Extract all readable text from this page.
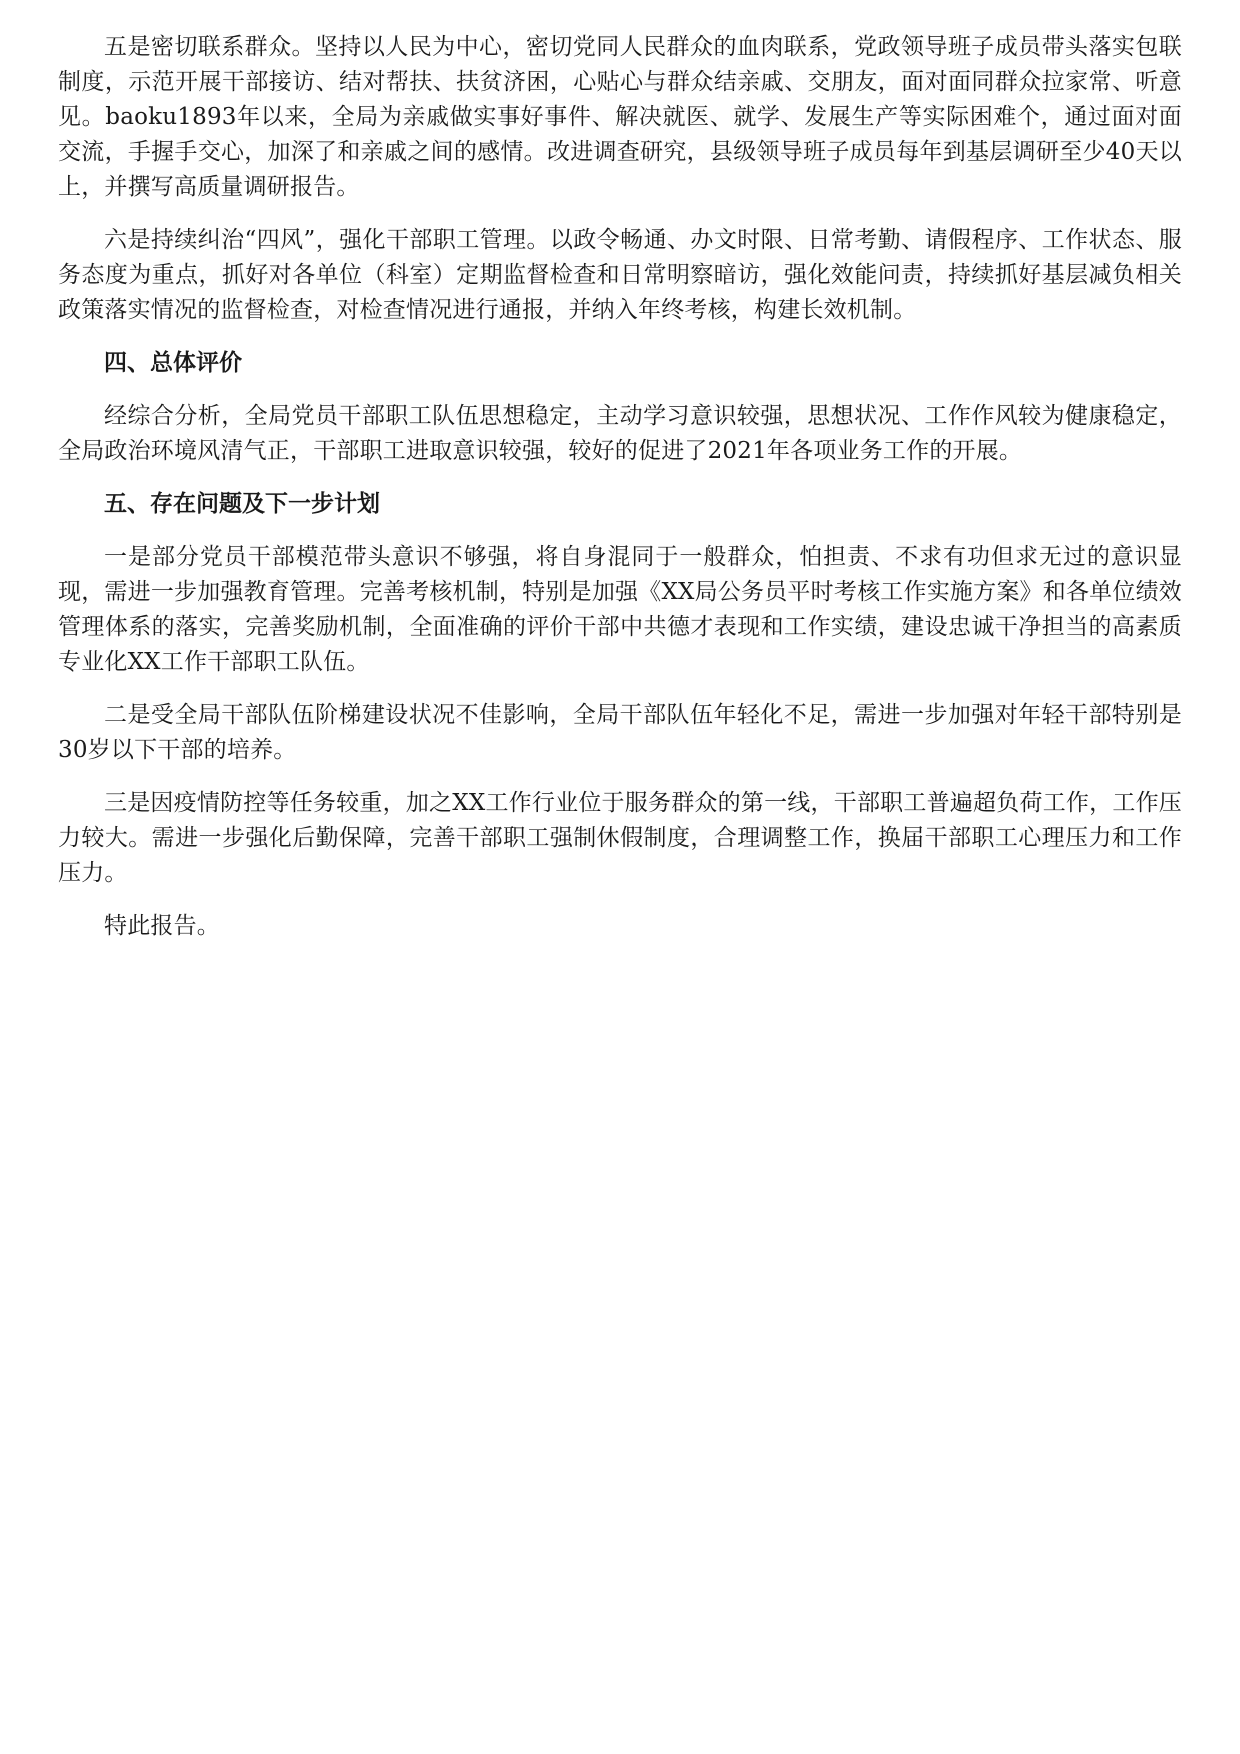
五是密切联系群众。坚持以人民为中心，密切党同人民群众的血肉联系，党政领导班子成员带头落实包联制度，示范开展干部接访、结对帮扶、扶贫济困，心贴心与群众结亲戚、交朋友，面对面同群众拉家常、听意见。baoku1893年以来，全局为亲戚做实事好事件、解决就医、就学、发展生产等实际困难个，通过面对面交流，手握手交心，加深了和亲戚之间的感情。改进调查研究，县级领导班子成员每年到基层调研至少40天以上，并撰写高质量调研报告。

六是持续纠治“四风”，强化干部职工管理。以政令畅通、办文时限、日常考勤、请假程序、工作状态、服务态度为重点，抓好对各单位（科室）定期监督检查和日常明察暗访，强化效能问责，持续抓好基层减负相关政策落实情况的监督检查，对检查情况进行通报，并纳入年终考核，构建长效机制。

四、总体评价

经综合分析，全局党员干部职工队伍思想稳定，主动学习意识较强，思想状况、工作作风较为健康稳定，全局政治环境风清气正，干部职工进取意识较强，较好的促进了2021年各项业务工作的开展。

五、存在问题及下一步计划

一是部分党员干部模范带头意识不够强，将自身混同于一般群众，怕担责、不求有功但求无过的意识显现，需进一步加强教育管理。完善考核机制，特别是加强《XX局公务员平时考核工作实施方案》和各单位绩效管理体系的落实，完善奖励机制，全面准确的评价干部中共德才表现和工作实绩，建设忠诚干净担当的高素质专业化XX工作干部职工队伍。

二是受全局干部队伍阶梯建设状况不佳影响，全局干部队伍年轻化不足，需进一步加强对年轻干部特别是30岁以下干部的培养。

三是因疫情防控等任务较重，加之XX工作行业位于服务群众的第一线，干部职工普遍超负荷工作，工作压力较大。需进一步强化后勤保障，完善干部职工强制休假制度，合理调整工作，换届干部职工心理压力和工作压力。

特此报告。
